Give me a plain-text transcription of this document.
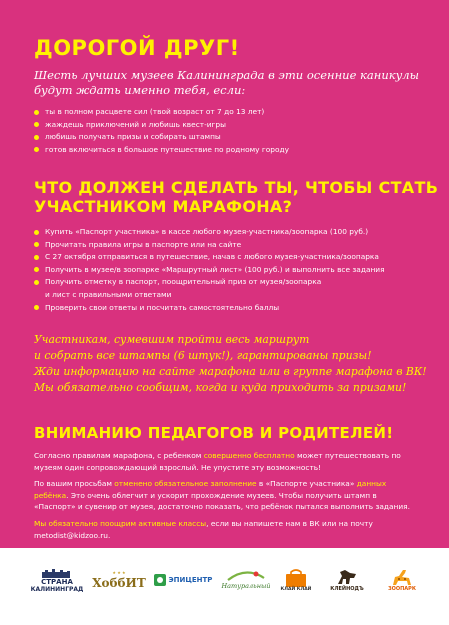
ДОРОГОЙ ДРУГ!
Шесть лучших музеев Калининграда в эти осенние каникулы
будут ждать именно тебя, если:
ты в полном расцвете сил (твой возраст от 7 до 13 лет)
жаждешь приключений и любишь квест-игры
любишь получать призы и собирать штампы
готов включиться в большое путешествие по родному городу
ЧТО ДОЛЖЕН СДЕЛАТЬ ТЫ, ЧТОБЫ СТАТЬ
УЧАСТНИКОМ МАРАФОНА?
Купить «Паспорт участника» в кассе любого музея-участника/зоопарка (100 руб.)
Прочитать правила игры в паспорте или на сайте
С 27 октября отправиться в путешествие, начав с любого музея-участника/зоопарка
Получить в музее/в зоопарке «Маршрутный лист» (100 руб.) и выполнить все задания
Получить отметку в паспорт, поощрительный приз от музея/зоопарка
и лист с правильными ответами
Проверить свои ответы и посчитать самостоятельно баллы
Участникам, сумевшим пройти весь маршрут
и собрать все штампы (6 штук!), гарантированы призы!
Жди информацию на сайте марафона или в группе марафона в ВК!
Мы обязательно сообщим, когда и куда приходить за призами!
ВНИМАНИЮ ПЕДАГОГОВ И РОДИТЕЛЕЙ!
Согласно правилам марафона, с ребенком совершенно бесплатно может путешествовать по музеям один сопровождающий взрослый. Не упустите эту возможность!
По вашим просьбам отменено обязательное заполнение в «Паспорте участника» данных ребёнка. Это очень облегчит и ускорит прохождение музеев. Чтобы получить штамп в «Паспорт» и сувенир от музея, достаточно показать, что ребёнок пытался выполнить задания.
Мы обязательно поощрим активные классы, если вы напишете нам в ВК или на почту
metodist@kidzoo.ru.
СТРАНА
КАЛИНИНГРАД
★ ★ ★
ХоббИТ	ЭПИЦЕНТР
Натуральный КЛАЙ КЛАЙ	КЛЕЙНОДЪ	ЗООПАРК
